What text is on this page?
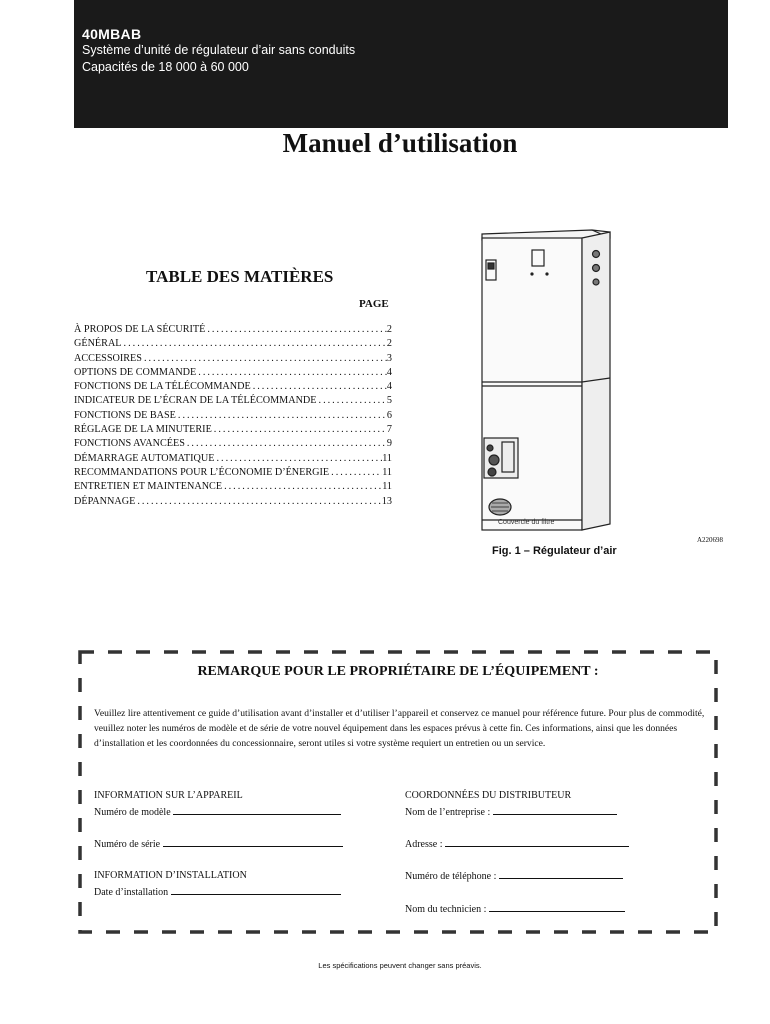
40MBAB
Système d’unité de régulateur d’air sans conduits
Capacités de 18 000 à 60 000
Manuel d’utilisation
TABLE DES MATIÈRES
PAGE
À PROPOS DE LA SÉCURITÉ .....	2
GÉNÉRAL .....	2
ACCESSOIRES .....	3
OPTIONS DE COMMANDE .....	4
FONCTIONS DE LA TÉLÉCOMMANDE .....	4
INDICATEUR DE L’ÉCRAN DE LA TÉLÉCOMMANDE .....	5
FONCTIONS DE BASE .....	6
RÉGLAGE DE LA MINUTERIE .....	7
FONCTIONS AVANCÉES .....	9
DÉMARRAGE AUTOMATIQUE .....	11
RECOMMANDATIONS POUR L’ÉCONOMIE D’ÉNERGIE .....	11
ENTRETIEN ET MAINTENANCE .....	11
DÉPANNAGE .....	13
Couvercle du filtre
A220698
Fig. 1 – Régulateur d’air
REMARQUE POUR LE PROPRIÉTAIRE DE L’ÉQUIPEMENT :
Veuillez lire attentivement ce guide d’utilisation avant d’installer et d’utiliser l’appareil et conservez ce manuel pour référence future. Pour plus de commodité, veuillez noter les numéros de modèle et de série de votre nouvel équipement dans les espaces prévus à cette fin. Ces informations, ainsi que les données d’installation et les coordonnées du concessionnaire, seront utiles si votre système requiert un entretien ou un service.
INFORMATION SUR L’APPAREIL
Numéro de modèle
Numéro de série
INFORMATION D’INSTALLATION
Date d’installation
COORDONNÉES DU DISTRIBUTEUR
Nom de l’entreprise :
Adresse :
Numéro de téléphone :
Nom du technicien :
Les spécifications peuvent changer sans préavis.
